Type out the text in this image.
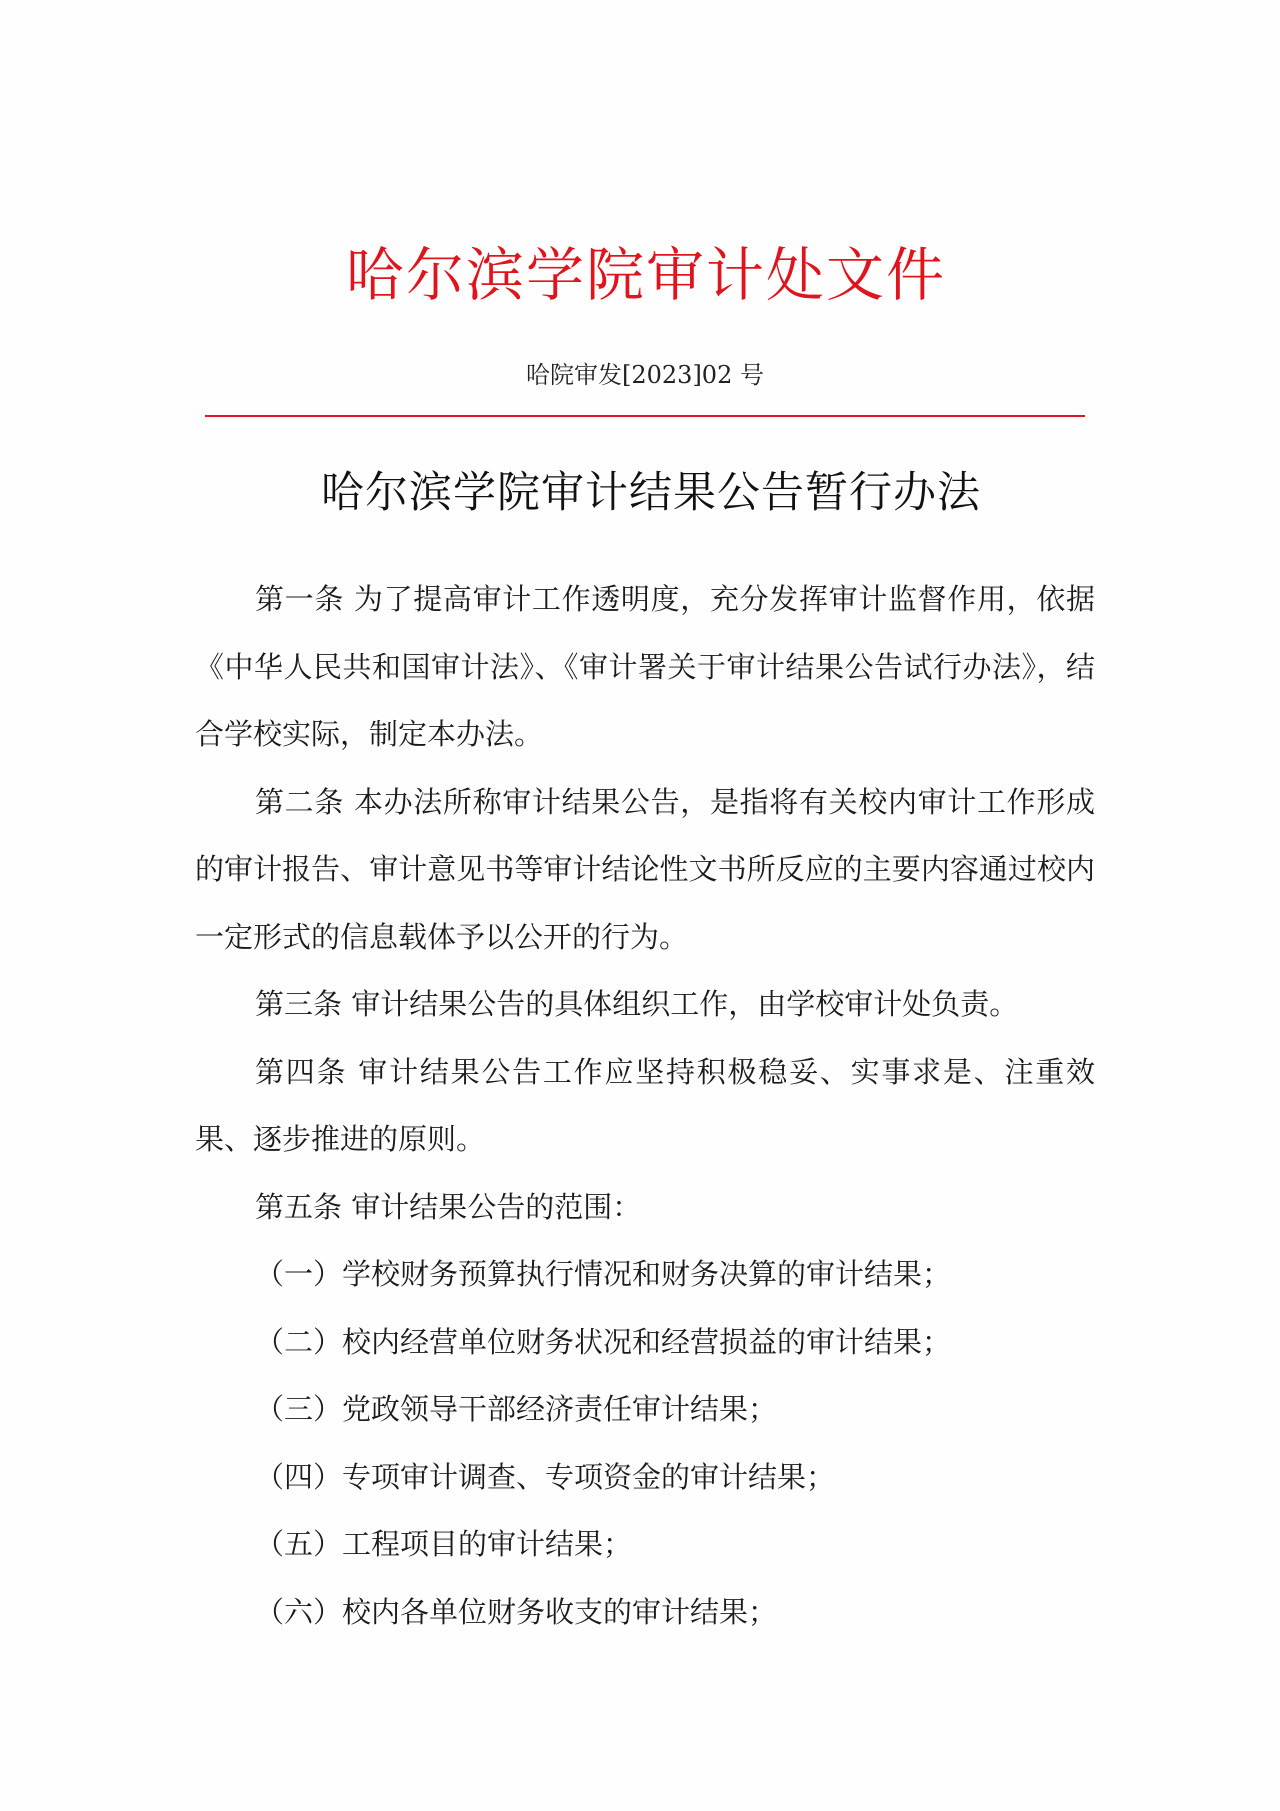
哈尔滨学院审计处文件
哈院审发[2023]02 号
哈尔滨学院审计结果公告暂行办法

第一条 为了提高审计工作透明度，充分发挥审计监督作用，依据《中华人民共和国审计法》、《审计署关于审计结果公告试行办法》，结合学校实际，制定本办法。

第二条 本办法所称审计结果公告，是指将有关校内审计工作形成的审计报告、审计意见书等审计结论性文书所反应的主要内容通过校内一定形式的信息载体予以公开的行为。

第三条 审计结果公告的具体组织工作，由学校审计处负责。

第四条 审计结果公告工作应坚持积极稳妥、实事求是、注重效果、逐步推进的原则。

第五条 审计结果公告的范围：

（一）学校财务预算执行情况和财务决算的审计结果；

（二）校内经营单位财务状况和经营损益的审计结果；

（三）党政领导干部经济责任审计结果；

（四）专项审计调查、专项资金的审计结果；

（五）工程项目的审计结果；

（六）校内各单位财务收支的审计结果；
